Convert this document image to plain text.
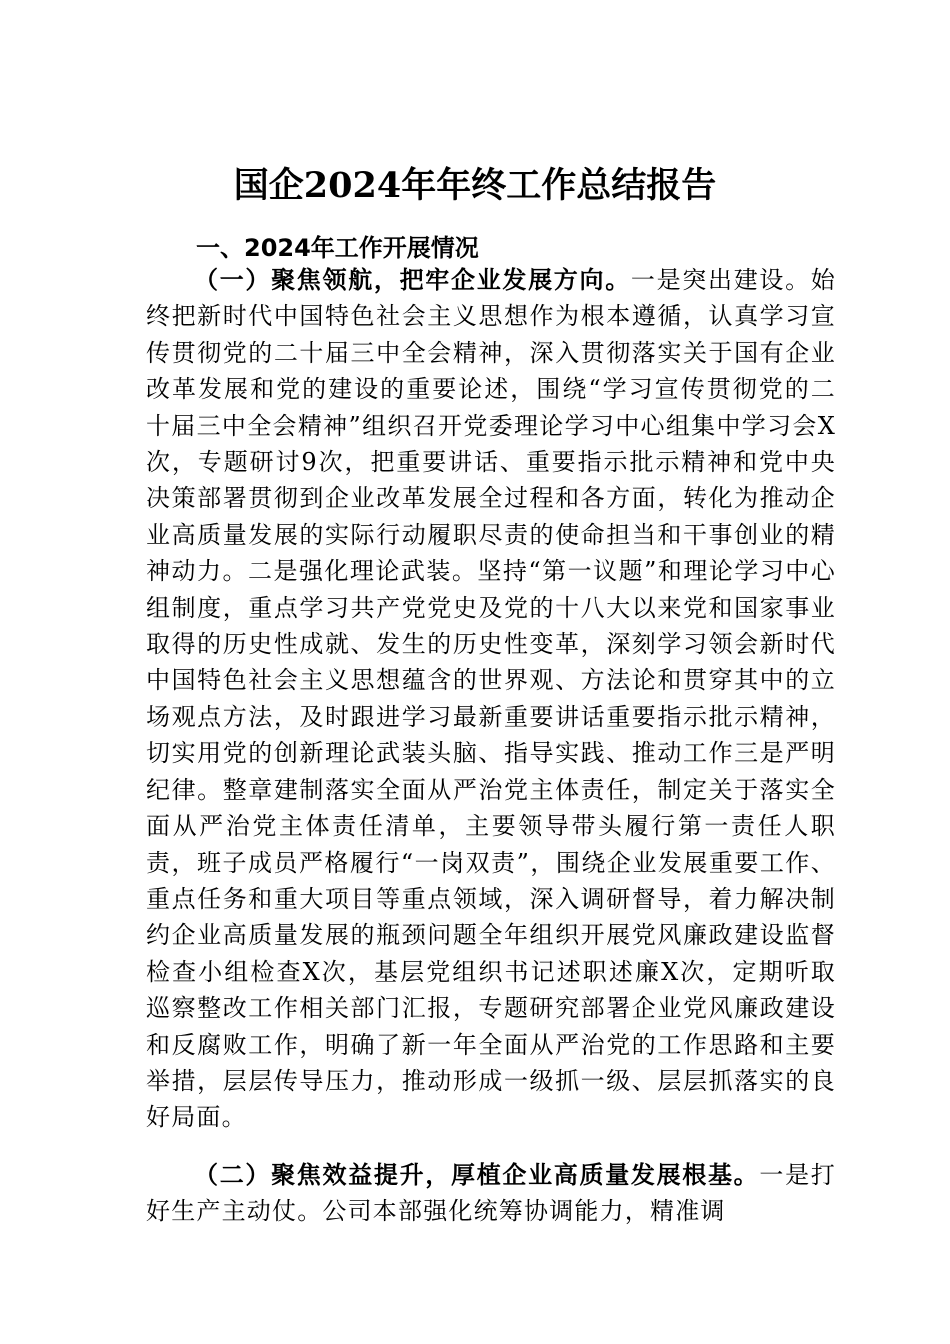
国企2024年年终工作总结报告
一、2024年工作开展情况

（一）聚焦领航，把牢企业发展方向。一是突出建设。始终把新时代中国特色社会主义思想作为根本遵循，认真学习宣传贯彻党的二十届三中全会精神，深入贯彻落实关于国有企业改革发展和党的建设的重要论述，围绕“学习宣传贯彻党的二十届三中全会精神”组织召开党委理论学习中心组集中学习会X次，专题研讨9次，把重要讲话、重要指示批示精神和党中央决策部署贯彻到企业改革发展全过程和各方面，转化为推动企业高质量发展的实际行动履职尽责的使命担当和干事创业的精神动力。二是强化理论武装。坚持“第一议题”和理论学习中心组制度，重点学习共产党党史及党的十八大以来党和国家事业取得的历史性成就、发生的历史性变革，深刻学习领会新时代中国特色社会主义思想蕴含的世界观、方法论和贯穿其中的立场观点方法，及时跟进学习最新重要讲话重要指示批示精神，切实用党的创新理论武装头脑、指导实践、推动工作三是严明纪律。整章建制落实全面从严治党主体责任，制定关于落实全面从严治党主体责任清单，主要领导带头履行第一责任人职责，班子成员严格履行“一岗双责”，围绕企业发展重要工作、重点任务和重大项目等重点领域，深入调研督导，着力解决制约企业高质量发展的瓶颈问题全年组织开展党风廉政建设监督检查小组检查X次，基层党组织书记述职述廉X次，定期听取巡察整改工作相关部门汇报，专题研究部署企业党风廉政建设和反腐败工作，明确了新一年全面从严治党的工作思路和主要举措，层层传导压力，推动形成一级抓一级、层层抓落实的良好局面。

（二）聚焦效益提升，厚植企业高质量发展根基。一是打好生产主动仗。公司本部强化统筹协调能力，精准调
